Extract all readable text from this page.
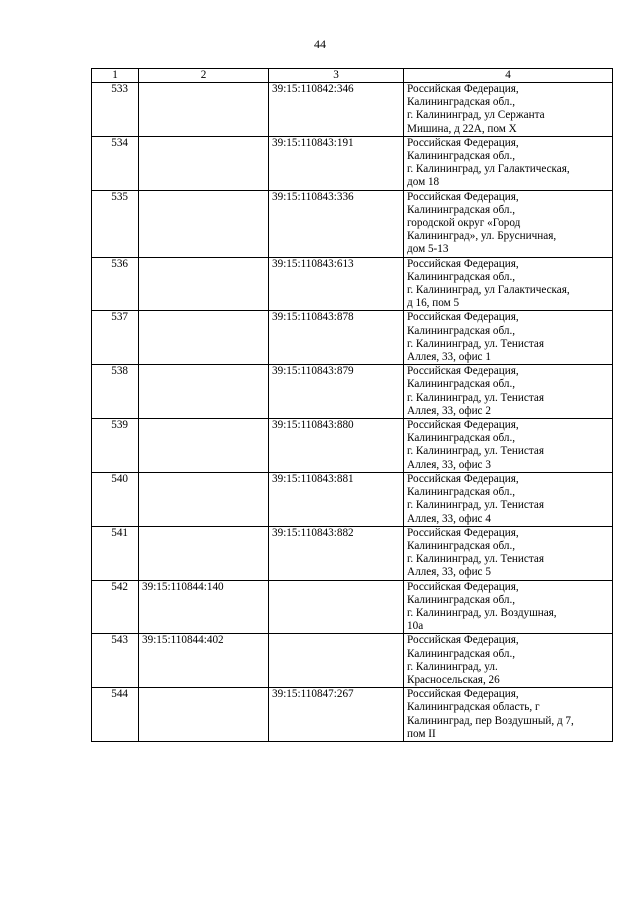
44
1	2	3	4
533		39:15:110842:346	Российская Федерация,
Калининградская обл.,
г. Калининград, ул Сержанта
Мишина, д 22А, пом Х
534		39:15:110843:191	Российская Федерация,
Калининградская обл.,
г. Калининград, ул Галактическая,
дом 18
535		39:15:110843:336	Российская Федерация,
Калининградская обл.,
городской округ «Город
Калининград», ул. Брусничная,
дом 5-13
536		39:15:110843:613	Российская Федерация,
Калининградская обл.,
г. Калининград, ул Галактическая,
д 16, пом 5
537		39:15:110843:878	Российская Федерация,
Калининградская обл.,
г. Калининград, ул. Тенистая
Аллея, 33, офис 1
538		39:15:110843:879	Российская Федерация,
Калининградская обл.,
г. Калининград, ул. Тенистая
Аллея, 33, офис 2
539		39:15:110843:880	Российская Федерация,
Калининградская обл.,
г. Калининград, ул. Тенистая
Аллея, 33, офис 3
540		39:15:110843:881	Российская Федерация,
Калининградская обл.,
г. Калининград, ул. Тенистая
Аллея, 33, офис 4
541		39:15:110843:882	Российская Федерация,
Калининградская обл.,
г. Калининград, ул. Тенистая
Аллея, 33, офис 5
542	39:15:110844:140		Российская Федерация,
Калининградская обл.,
г. Калининград, ул. Воздушная,
10а
543	39:15:110844:402		Российская Федерация,
Калининградская обл.,
г. Калининград, ул.
Красносельская, 26
544		39:15:110847:267	Российская Федерация,
Калининградская область, г
Калининград, пер Воздушный, д 7,
пом II
